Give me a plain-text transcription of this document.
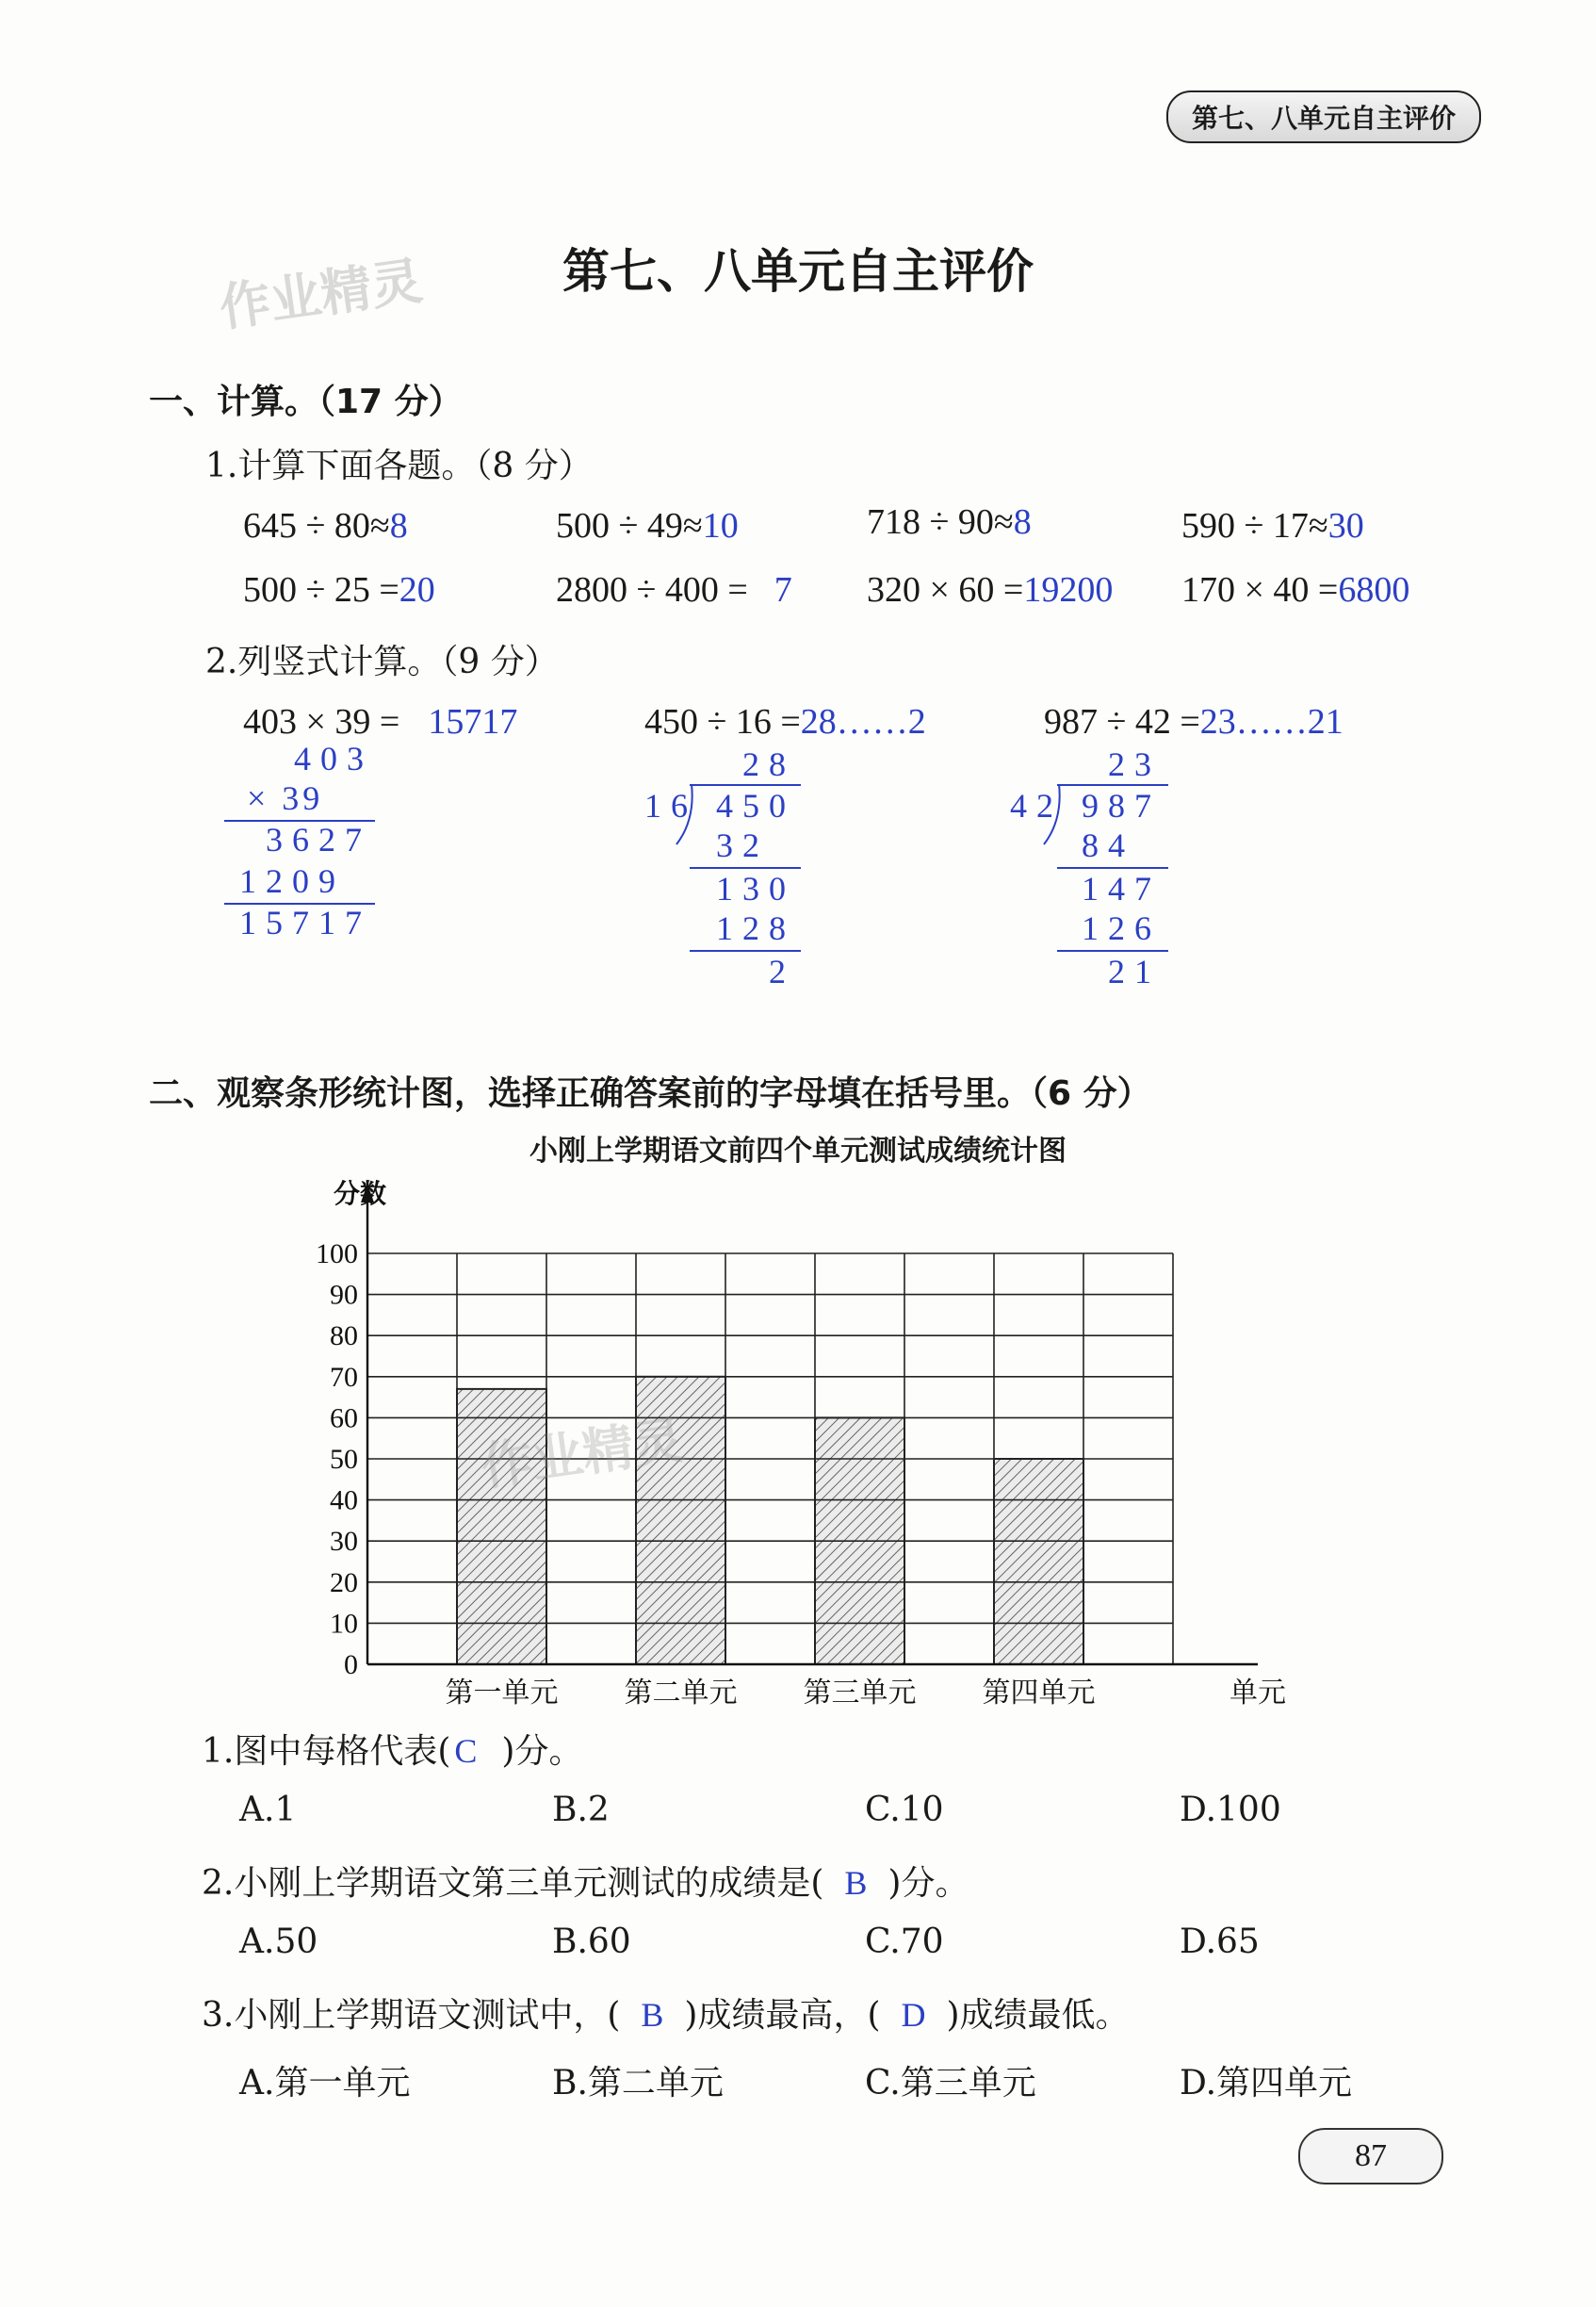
第七、八单元自主评价
作业精灵	第七、八单元自主评价
一、计算。（17 分）
1.计算下面各题。（8 分）
645 ÷ 80≈8	500 ÷ 49≈10	718 ÷ 90≈8	590 ÷ 17≈30
500 ÷ 25 =20	2800 ÷ 400 = 7 320 × 60 =19200 170 × 40 =6800
2.列竖式计算。（9 分）
403 × 39 = 15717	450 ÷ 16 =28……2	987 ÷ 42 =23……21
403
× 39
3627
1209
15717
28
16 450
32
130
128
2
23
42 987
84
147
126
21
二、观察条形统计图，选择正确答案前的字母填在括号里。（6 分）
小刚上学期语文前四个单元测试成绩统计图
0
10
20
30
40
50
60
70
80
90
100
分数
第一单元 第二单元 第三单元 第四单元	单元
作业精灵
1.图中每格代表( C )分。
A.1	B.2	C.10	D.100
2.小刚上学期语文第三单元测试的成绩是( B )分。
A.50	B.60	C.70	D.65
3.小刚上学期语文测试中，( B )成绩最高，( D )成绩最低。
A.第一单元	B.第二单元	C.第三单元	D.第四单元
87
